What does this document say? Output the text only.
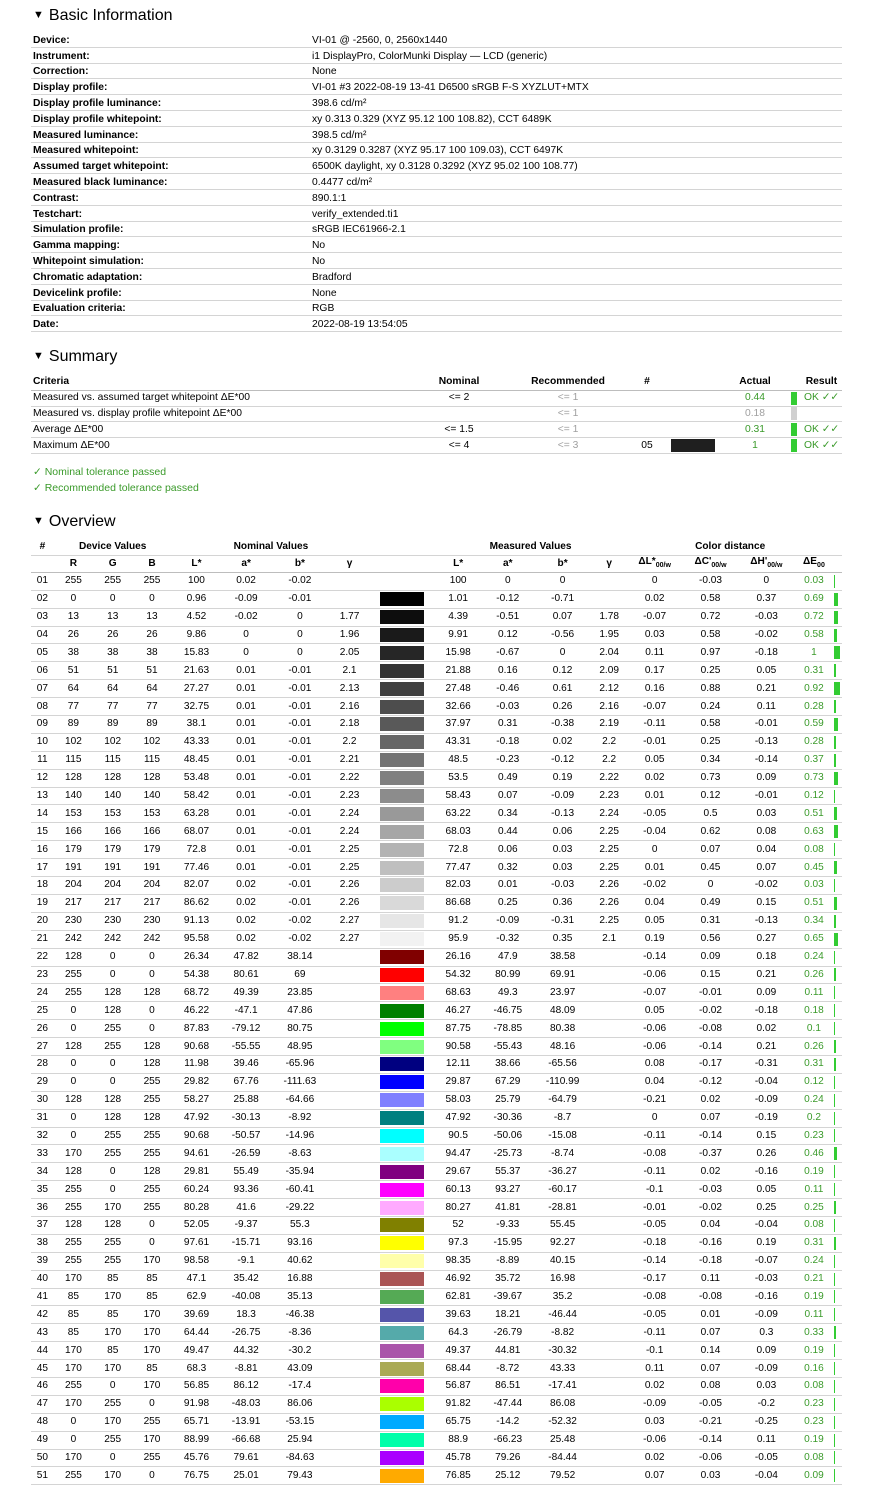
▼ Basic Information
Device:	VI-01 @ -2560, 0, 2560x1440
Instrument:	i1 DisplayPro, ColorMunki Display — LCD (generic)
Correction:	None
Display profile:	VI-01 #3 2022-08-19 13-41 D6500 sRGB F-S XYZLUT+MTX
Display profile luminance:	398.6 cd/m²
Display profile whitepoint:	xy 0.313 0.329 (XYZ 95.12 100 108.82), CCT 6489K
Measured luminance:	398.5 cd/m²
Measured whitepoint:	xy 0.3129 0.3287 (XYZ 95.17 100 109.03), CCT 6497K
Assumed target whitepoint:	6500K daylight, xy 0.3128 0.3292 (XYZ 95.02 100 108.77)
Measured black luminance:	0.4477 cd/m²
Contrast:	890.1:1
Testchart:	verify_extended.ti1
Simulation profile:	sRGB IEC61966-2.1
Gamma mapping:	No
Whitepoint simulation:	No
Chromatic adaptation:	Bradford
Devicelink profile:	None
Evaluation criteria:	RGB
Date:	2022-08-19 13:54:05
▼ Summary
Criteria	Nominal	Recommended	#		Actual		Result
Measured vs. assumed target whitepoint ΔE*00	<= 2	<= 1			0.44		OK ✓✓
Measured vs. display profile whitepoint ΔE*00		<= 1			0.18		
Average ΔE*00	<= 1.5	<= 1			0.31		OK ✓✓
Maximum ΔE*00	<= 4	<= 3	05		1		OK ✓✓
✓ Nominal tolerance passed
✓ Recommended tolerance passed
▼ Overview
#	Device Values			Nominal Values					Measured Values				Color distance				
	R	G	B	L*	a*	b*	γ		L*	a*	b*	γ	$\Delta L*_{00/w}$	$\Delta C'_{00/w}$	$\Delta H'_{00/w}$	$\Delta E_{00}$	
01	255	255	255	100	0.02	-0.02			100	0	0		0	-0.03	0	0.03	

02	0	0	0	0.96	-0.09	-0.01			1.01	-0.12	-0.71		0.02	0.58	0.37	0.69	

03	13	13	13	4.52	-0.02	0	1.77		4.39	-0.51	0.07	1.78	-0.07	0.72	-0.03	0.72	

04	26	26	26	9.86	0	0	1.96		9.91	0.12	-0.56	1.95	0.03	0.58	-0.02	0.58	

05	38	38	38	15.83	0	0	2.05		15.98	-0.67	0	2.04	0.11	0.97	-0.18	1	

06	51	51	51	21.63	0.01	-0.01	2.1		21.88	0.16	0.12	2.09	0.17	0.25	0.05	0.31	

07	64	64	64	27.27	0.01	-0.01	2.13		27.48	-0.46	0.61	2.12	0.16	0.88	0.21	0.92	

08	77	77	77	32.75	0.01	-0.01	2.16		32.66	-0.03	0.26	2.16	-0.07	0.24	0.11	0.28	

09	89	89	89	38.1	0.01	-0.01	2.18		37.97	0.31	-0.38	2.19	-0.11	0.58	-0.01	0.59	

10	102	102	102	43.33	0.01	-0.01	2.2		43.31	-0.18	0.02	2.2	-0.01	0.25	-0.13	0.28	

11	115	115	115	48.45	0.01	-0.01	2.21		48.5	-0.23	-0.12	2.2	0.05	0.34	-0.14	0.37	

12	128	128	128	53.48	0.01	-0.01	2.22		53.5	0.49	0.19	2.22	0.02	0.73	0.09	0.73	

13	140	140	140	58.42	0.01	-0.01	2.23		58.43	0.07	-0.09	2.23	0.01	0.12	-0.01	0.12	

14	153	153	153	63.28	0.01	-0.01	2.24		63.22	0.34	-0.13	2.24	-0.05	0.5	0.03	0.51	

15	166	166	166	68.07	0.01	-0.01	2.24		68.03	0.44	0.06	2.25	-0.04	0.62	0.08	0.63	

16	179	179	179	72.8	0.01	-0.01	2.25		72.8	0.06	0.03	2.25	0	0.07	0.04	0.08	

17	191	191	191	77.46	0.01	-0.01	2.25		77.47	0.32	0.03	2.25	0.01	0.45	0.07	0.45	

18	204	204	204	82.07	0.02	-0.01	2.26		82.03	0.01	-0.03	2.26	-0.02	0	-0.02	0.03	

19	217	217	217	86.62	0.02	-0.01	2.26		86.68	0.25	0.36	2.26	0.04	0.49	0.15	0.51	

20	230	230	230	91.13	0.02	-0.02	2.27		91.2	-0.09	-0.31	2.25	0.05	0.31	-0.13	0.34	

21	242	242	242	95.58	0.02	-0.02	2.27		95.9	-0.32	0.35	2.1	0.19	0.56	0.27	0.65	

22	128	0	0	26.34	47.82	38.14			26.16	47.9	38.58		-0.14	0.09	0.18	0.24	

23	255	0	0	54.38	80.61	69			54.32	80.99	69.91		-0.06	0.15	0.21	0.26	

24	255	128	128	68.72	49.39	23.85			68.63	49.3	23.97		-0.07	-0.01	0.09	0.11	

25	0	128	0	46.22	-47.1	47.86			46.27	-46.75	48.09		0.05	-0.02	-0.18	0.18	

26	0	255	0	87.83	-79.12	80.75			87.75	-78.85	80.38		-0.06	-0.08	0.02	0.1	

27	128	255	128	90.68	-55.55	48.95			90.58	-55.43	48.16		-0.06	-0.14	0.21	0.26	

28	0	0	128	11.98	39.46	-65.96			12.11	38.66	-65.56		0.08	-0.17	-0.31	0.31	

29	0	0	255	29.82	67.76	-111.63			29.87	67.29	-110.99		0.04	-0.12	-0.04	0.12	

30	128	128	255	58.27	25.88	-64.66			58.03	25.79	-64.79		-0.21	0.02	-0.09	0.24	

31	0	128	128	47.92	-30.13	-8.92			47.92	-30.36	-8.7		0	0.07	-0.19	0.2	

32	0	255	255	90.68	-50.57	-14.96			90.5	-50.06	-15.08		-0.11	-0.14	0.15	0.23	

33	170	255	255	94.61	-26.59	-8.63			94.47	-25.73	-8.74		-0.08	-0.37	0.26	0.46	

34	128	0	128	29.81	55.49	-35.94			29.67	55.37	-36.27		-0.11	0.02	-0.16	0.19	

35	255	0	255	60.24	93.36	-60.41			60.13	93.27	-60.17		-0.1	-0.03	0.05	0.11	

36	255	170	255	80.28	41.6	-29.22			80.27	41.81	-28.81		-0.01	-0.02	0.25	0.25	

37	128	128	0	52.05	-9.37	55.3			52	-9.33	55.45		-0.05	0.04	-0.04	0.08	

38	255	255	0	97.61	-15.71	93.16			97.3	-15.95	92.27		-0.18	-0.16	0.19	0.31	

39	255	255	170	98.58	-9.1	40.62			98.35	-8.89	40.15		-0.14	-0.18	-0.07	0.24	

40	170	85	85	47.1	35.42	16.88			46.92	35.72	16.98		-0.17	0.11	-0.03	0.21	

41	85	170	85	62.9	-40.08	35.13			62.81	-39.67	35.2		-0.08	-0.08	-0.16	0.19	

42	85	85	170	39.69	18.3	-46.38			39.63	18.21	-46.44		-0.05	0.01	-0.09	0.11	

43	85	170	170	64.44	-26.75	-8.36			64.3	-26.79	-8.82		-0.11	0.07	0.3	0.33	

44	170	85	170	49.47	44.32	-30.2			49.37	44.81	-30.32		-0.1	0.14	0.09	0.19	

45	170	170	85	68.3	-8.81	43.09			68.44	-8.72	43.33		0.11	0.07	-0.09	0.16	

46	255	0	170	56.85	86.12	-17.4			56.87	86.51	-17.41		0.02	0.08	0.03	0.08	

47	170	255	0	91.98	-48.03	86.06			91.82	-47.44	86.08		-0.09	-0.05	-0.2	0.23	

48	0	170	255	65.71	-13.91	-53.15			65.75	-14.2	-52.32		0.03	-0.21	-0.25	0.23	

49	0	255	170	88.99	-66.68	25.94			88.9	-66.23	25.48		-0.06	-0.14	0.11	0.19	

50	170	0	255	45.76	79.61	-84.63			45.78	79.26	-84.44		0.02	-0.06	-0.05	0.08	

51	255	170	0	76.75	25.01	79.43			76.85	25.12	79.52		0.07	0.03	-0.04	0.09	
